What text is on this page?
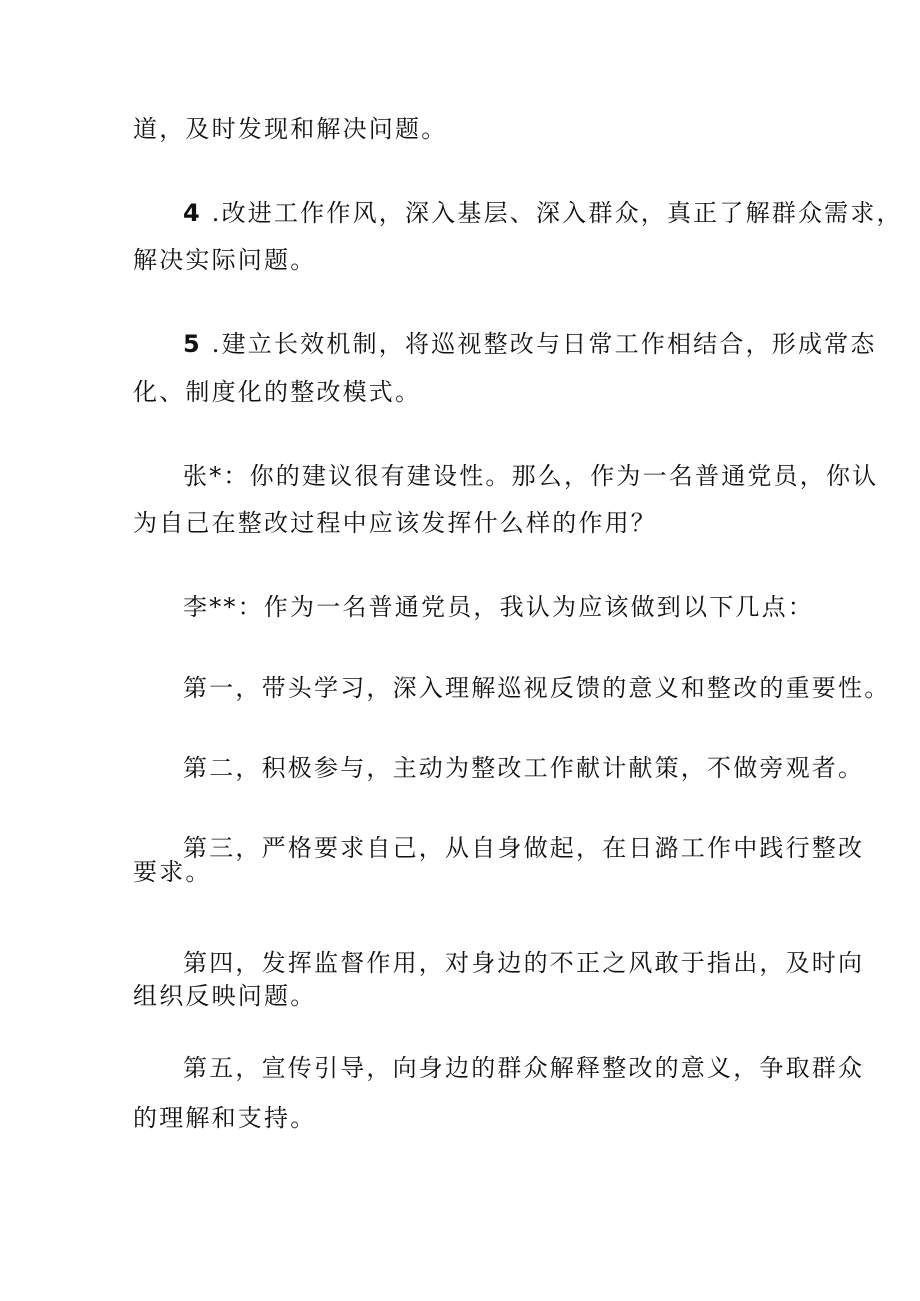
道，及时发现和解决问题。
4 .改进工作作风，深入基层、深入群众，真正了解群众需求，
解决实际问题。
5 .建立长效机制，将巡视整改与日常工作相结合，形成常态
化、制度化的整改模式。
张*：你的建议很有建设性。那么，作为一名普通党员，你认
为自己在整改过程中应该发挥什么样的作用？
李**：作为一名普通党员，我认为应该做到以下几点：
第一，带头学习，深入理解巡视反馈的意义和整改的重要性。
第二，积极参与，主动为整改工作献计献策，不做旁观者。
第三，严格要求自己，从自身做起，在日潞工作中践行整改
要求。
第四，发挥监督作用，对身边的不正之风敢于指出，及时向
组织反映问题。
第五，宣传引导，向身边的群众解释整改的意义，争取群众
的理解和支持。
